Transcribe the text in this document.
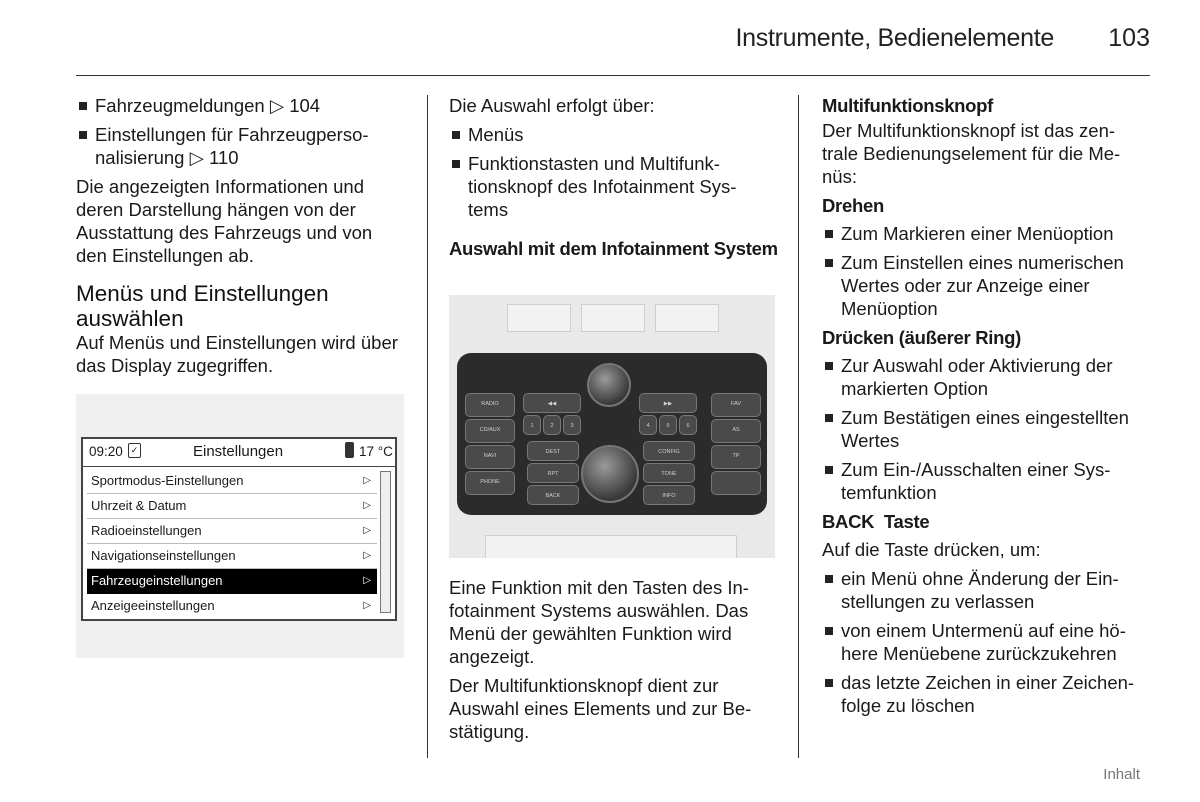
Instrumente, Bedienelemente 103
Fahrzeugmeldungen ▷ 104
Einstellungen für Fahrzeugperso-
nalisierung ▷ 110

Die angezeigten Informationen und deren Darstellung hängen von der Ausstattung des Fahrzeugs und von den Einstellungen ab.

Menüs und Einstellungen auswählen

Auf Menüs und Einstellungen wird über das Display zugegriffen.

09:20 ✓	Einstellungen	17 °C
Sportmodus-Einstellungen	▷
Uhrzeit & Datum	▷
Radioeinstellungen	▷
Navigationseinstellungen	▷
Fahrzeugeinstellungen	▷
Anzeigeeinstellungen	▷

Die Auswahl erfolgt über:

Menüs
Funktionstasten und Multifunk-
tionsknopf des Infotainment Sys-
tems
Auswahl mit dem Infotainment System
RADIO
CD/AUX
NAVI
PHONE
FAV
AS
TP
◀◀	▶▶
1	2	3	4	5	6
DEST
RPT
BACK
CONFIG
TONE
INFO

Eine Funktion mit den Tasten des In-fotainment Systems auswählen. Das Menü der gewählten Funktion wird angezeigt.

Der Multifunktionsknopf dient zur Auswahl eines Elements und zur Be-stätigung.

Multifunktionsknopf

Der Multifunktionsknopf ist das zen-
trale Bedienungselement für die Me-
nüs:

Drehen
Zum Markieren einer Menüoption
Zum Einstellen eines numerischen Wertes oder zur Anzeige einer Menüoption
Drücken (äußerer Ring)
Zur Auswahl oder Aktivierung der markierten Option
Zum Bestätigen eines eingestellten Wertes
Zum Ein-/Ausschalten einer Sys-
temfunktion
BACK  Taste

Auf die Taste drücken, um:

ein Menü ohne Änderung der Ein-
stellungen zu verlassen
von einem Untermenü auf eine hö-
here Menüebene zurückzukehren
das letzte Zeichen in einer Zeichen-
folge zu löschen
Inhalt
